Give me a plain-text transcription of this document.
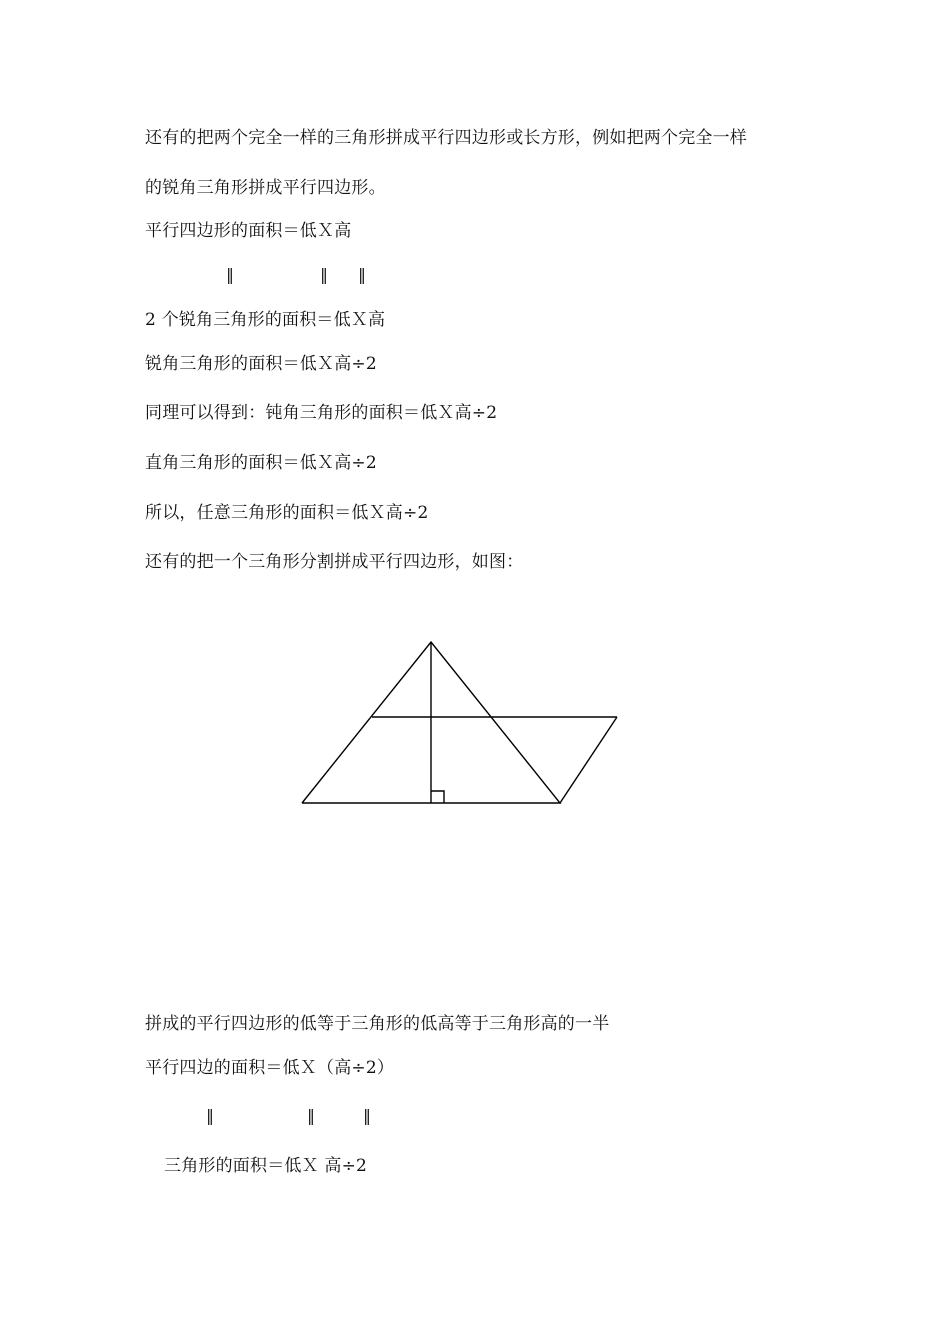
还有的把两个完全一样的三角形拼成平行四边形或长方形，例如把两个完全一样
的锐角三角形拼成平行四边形。
平行四边形的面积＝低Ｘ高
‖	‖ ‖
2 个锐角三角形的面积＝低Ｘ高
锐角三角形的面积＝低Ｘ高÷2
同理可以得到：钝角三角形的面积＝低Ｘ高÷2
直角三角形的面积＝低Ｘ高÷2
所以，任意三角形的面积＝低Ｘ高÷2
还有的把一个三角形分割拼成平行四边形，如图：
拼成的平行四边形的低等于三角形的低高等于三角形高的一半
平行四边的面积＝低Ｘ（高÷2）
‖	‖	‖
三角形的面积＝低Ｘ 高÷2
